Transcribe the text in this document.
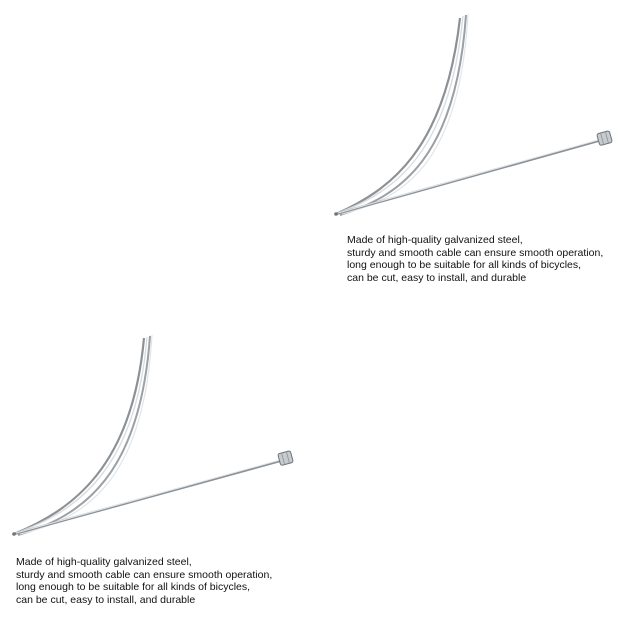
Made of high-quality galvanized steel,
sturdy and smooth cable can ensure smooth operation,
long enough to be suitable for all kinds of bicycles,
can be cut, easy to install, and durable

Made of high-quality galvanized steel,
sturdy and smooth cable can ensure smooth operation,
long enough to be suitable for all kinds of bicycles,
can be cut, easy to install, and durable
